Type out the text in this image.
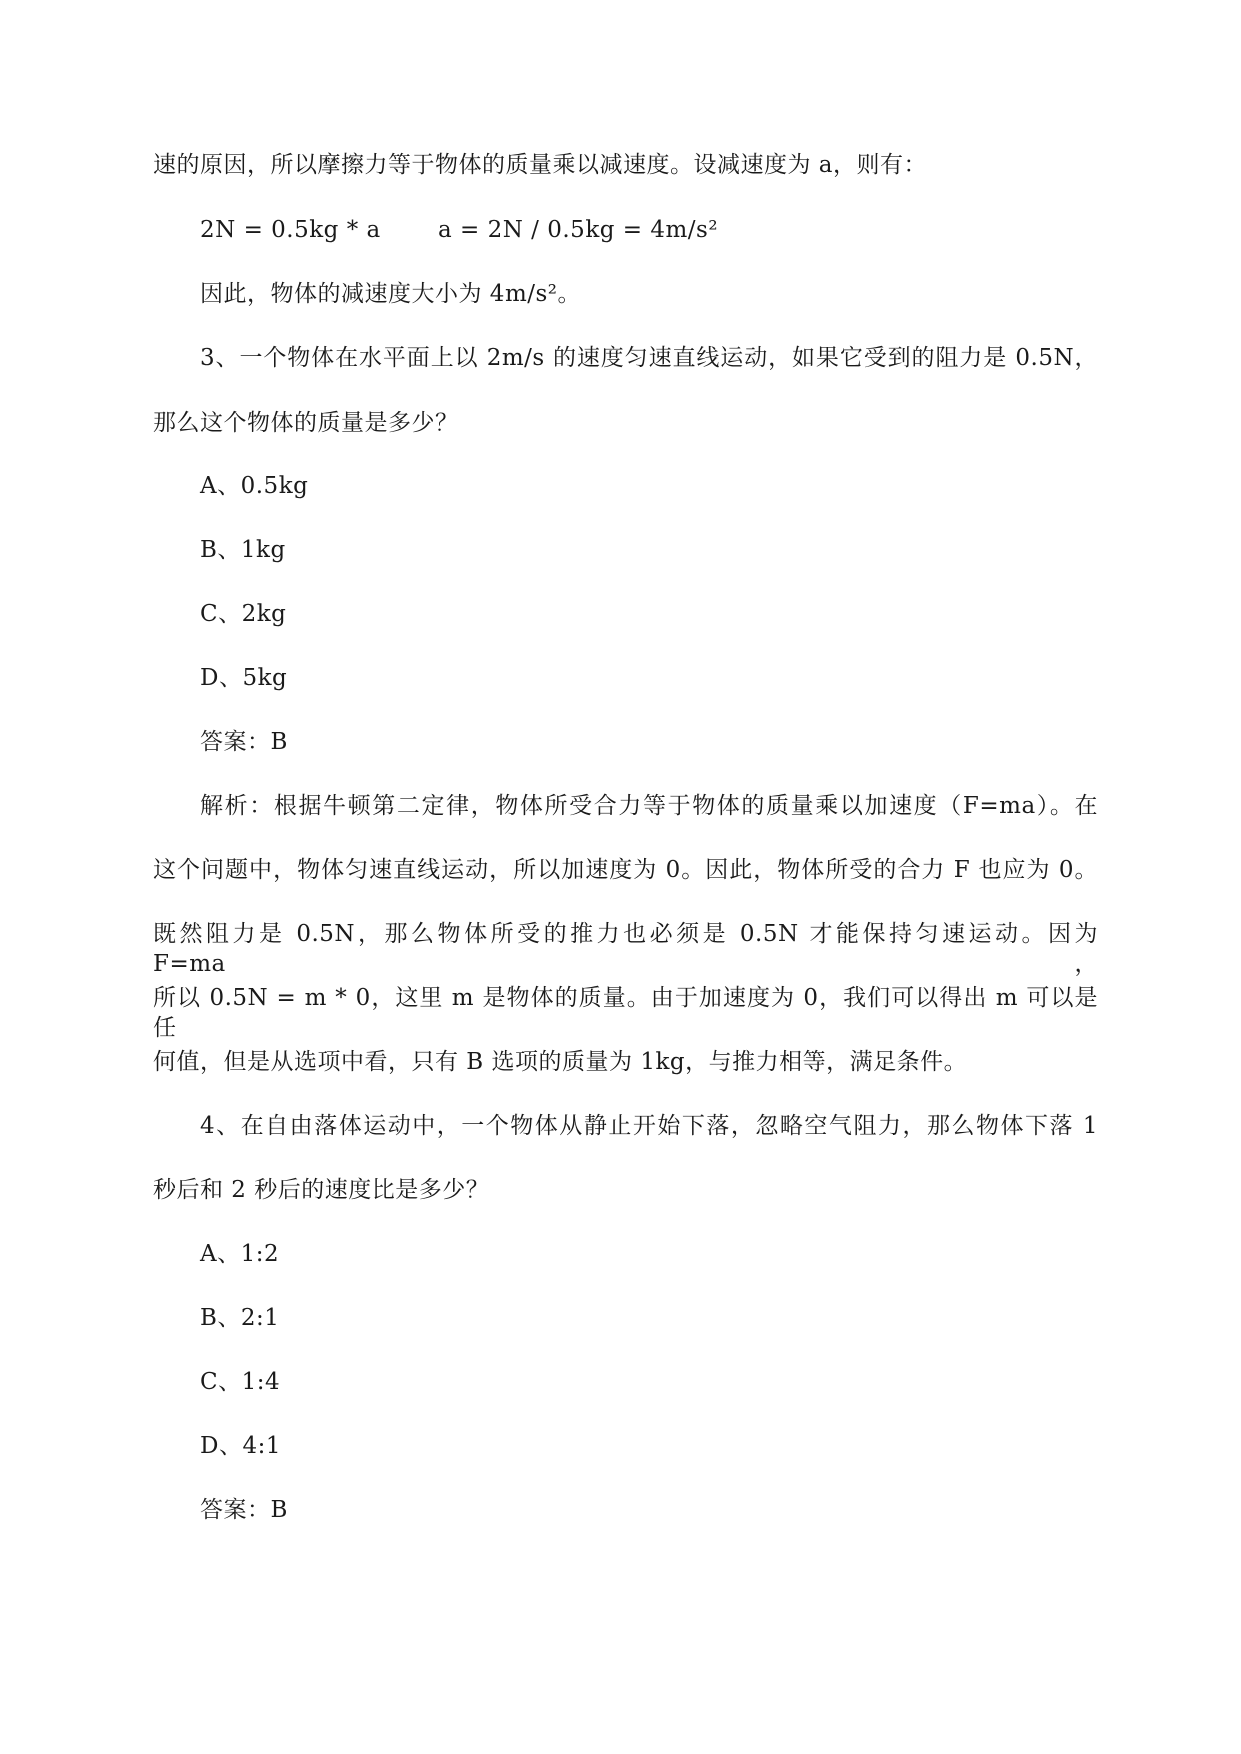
速的原因，所以摩擦力等于物体的质量乘以减速度。设减速度为 a，则有：
2N = 0.5kg * a a = 2N / 0.5kg = 4m/s²
因此，物体的减速度大小为 4m/s²。
3、一个物体在水平面上以 2m/s 的速度匀速直线运动，如果它受到的阻力是 0.5N，
那么这个物体的质量是多少？
A、0.5kg
B、1kg
C、2kg
D、5kg
答案：B
解析：根据牛顿第二定律，物体所受合力等于物体的质量乘以加速度（F=ma）。在
这个问题中，物体匀速直线运动，所以加速度为 0。因此，物体所受的合力 F 也应为 0。
既然阻力是 0.5N，那么物体所受的推力也必须是 0.5N 才能保持匀速运动。因为 F=ma，
所以 0.5N = m * 0，这里 m 是物体的质量。由于加速度为 0，我们可以得出 m 可以是任
何值，但是从选项中看，只有 B 选项的质量为 1kg，与推力相等，满足条件。
4、在自由落体运动中，一个物体从静止开始下落，忽略空气阻力，那么物体下落 1
秒后和 2 秒后的速度比是多少？
A、1:2
B、2:1
C、1:4
D、4:1
答案：B
